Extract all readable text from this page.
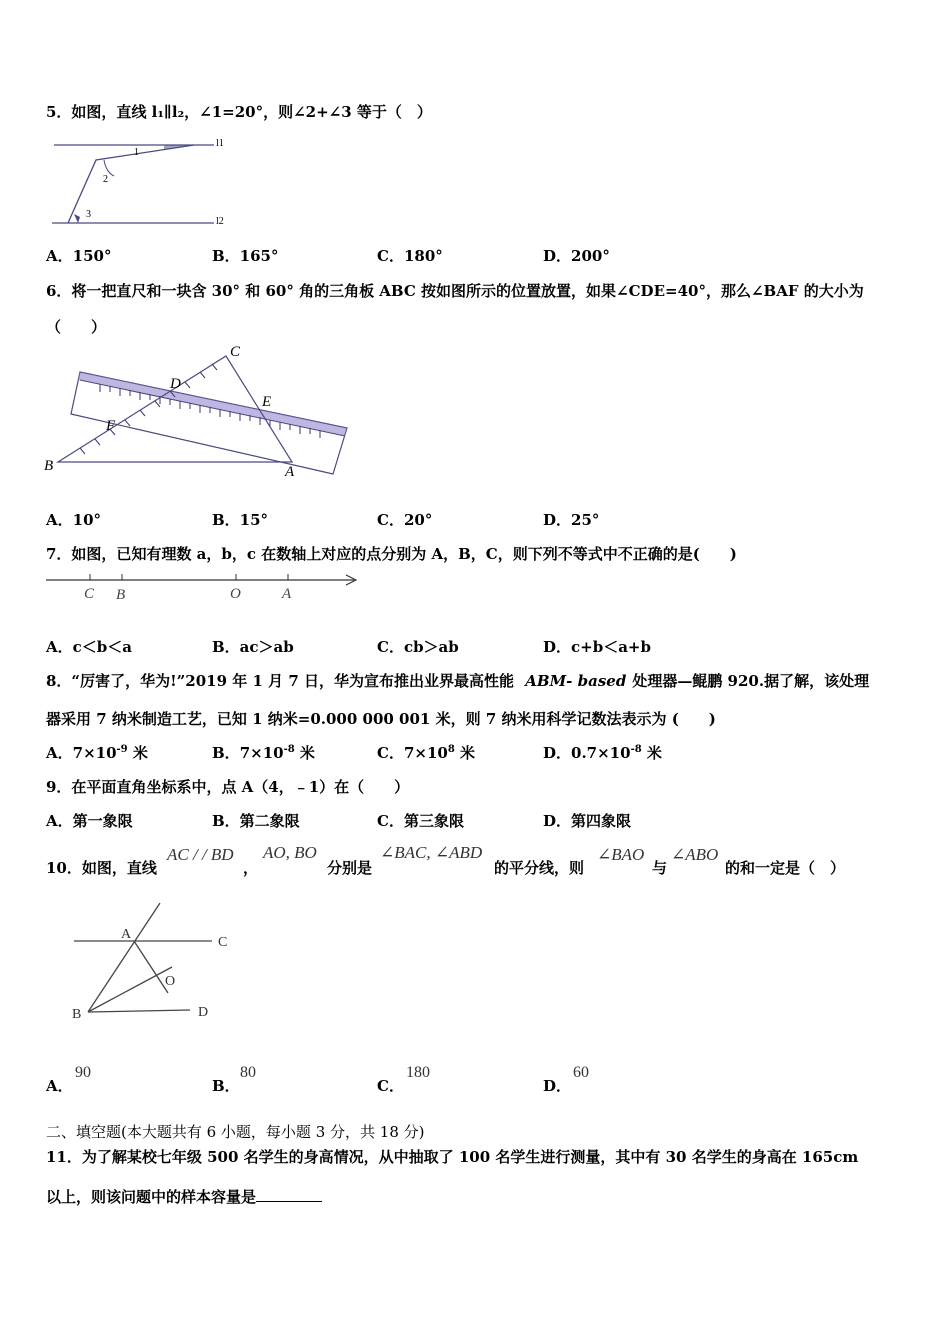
5．如图，直线 l₁∥l₂，∠1=20°，则∠2+∠3 等于（　）
l1
l2
1
2
3
A．150°	B．165°	C．180°	D．200°
6．将一把直尺和一块含 30° 和 60° 角的三角板 ABC 按如图所示的位置放置，如果∠CDE=40°，那么∠BAF 的大小为
（　　）
C
D
E
F
B	A
A．10°	B．15°	C．20°	D．25°
7．如图，已知有理数 a，b，c 在数轴上对应的点分别为 A，B，C，则下列不等式中不正确的是(　　)
C B	O	A
A．c＜b＜a	B．ac＞ab	C．cb＞ab	D．c+b＜a+b
8．“厉害了，华为!”2019 年 1 月 7 日，华为宣布推出业界最高性能 ABM- based 处理器—鲲鹏 920.据了解，该处理
器采用 7 纳米制造工艺，已知 1 纳米=0.000 000 001 米，则 7 纳米用科学记数法表示为 (　　)
A．$7\times 10^{-9}$ 米	B．$7\times 10^{-8}$ 米	C．$7\times 10^8$ 米	D．$0.7\times 10^{-8}$ 米
9．在平面直角坐标系中，点 A（4，﹣1）在（　　）
A．第一象限	B．第二象限	C．第三象限	D．第四象限
10．如图，直线
AC / / BD
，
AO, BO
分别是
∠BAC, ∠ABD
的平分线，则
∠BAO
与
∠ABO
的和一定是（　）
A
C
O
B	D
A．
90
B．
80
C．
180
D．
60
二、填空题(本大题共有 6 小题，每小题 3 分，共 18 分)
11．为了解某校七年级 500 名学生的身高情况，从中抽取了 100 名学生进行测量，其中有 30 名学生的身高在 165cm
以上，则该问题中的样本容量是
